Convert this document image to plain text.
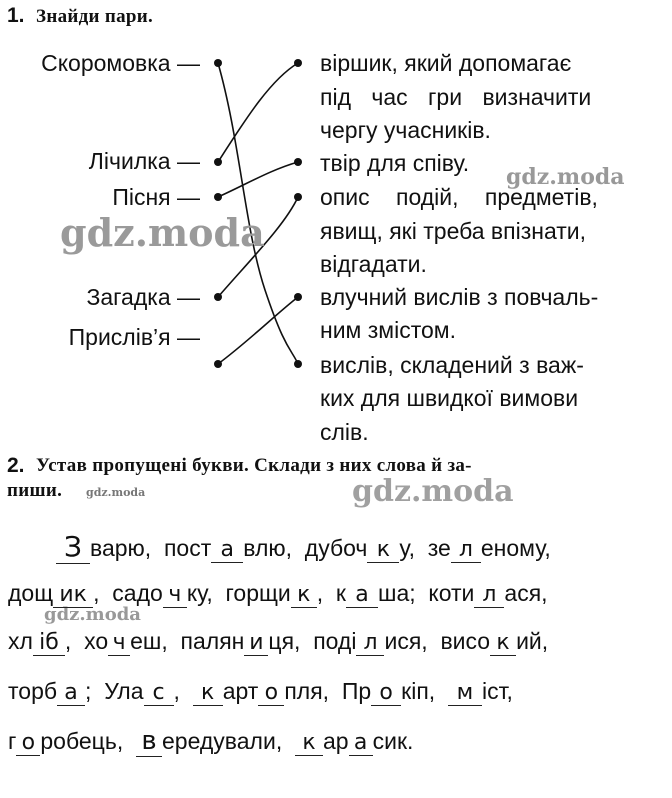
1. Знайди пари.
Скоромовка —
Лічилка —
Пісня —
Загадка —
Прислів’я —
віршик, який допомагає
під час гри визначити
чергу учасників.
твір для співу.
опис подій, предметів,
явищ, які треба впізнати,
відгадати.
влучний вислів з повчаль-
ним змістом.
вислів, складений з важ-
ких для швидкої вимови
слів.
gdz.moda
gdz.moda
gdz.moda	gdz.moda
gdz.moda
2. Устав пропущені букви. Склади з них слова й за-
пиши.
З варю,  пост а влю,  дубоч к у,  зе л еному,
дощ ик ,  садо ч ку,  горщи к ,  к а ша;  коти л ася,
хл іб ,  хо ч еш,  палян и ця,  поді л ися,  висо к ий,
торб а ;  Ула с ,  к арт о пля,  Пр о кіп,  м іст,
г о робець,  в ередували,  к ар а сик.
